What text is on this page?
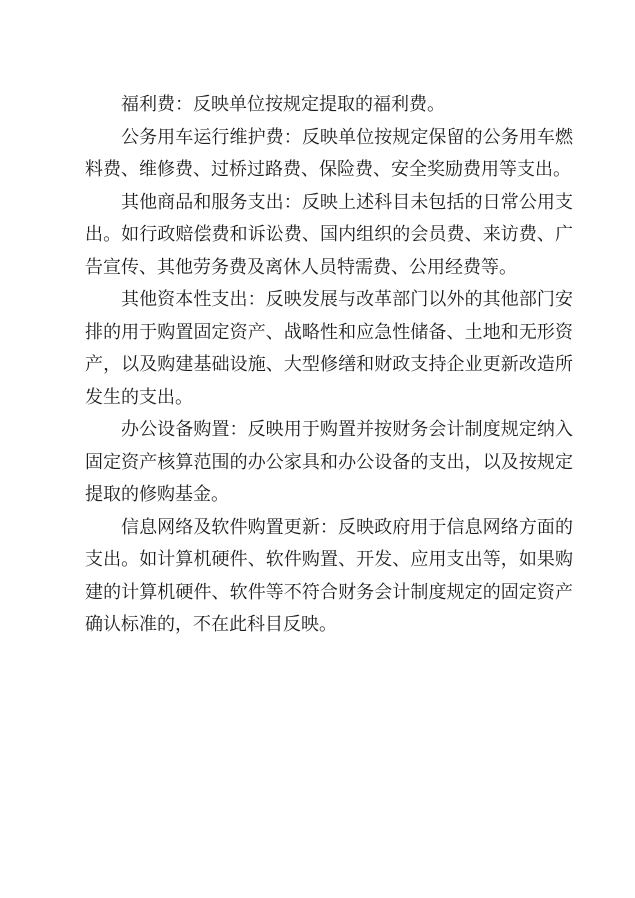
福利费：反映单位按规定提取的福利费。

公务用车运行维护费：反映单位按规定保留的公务用车燃料费、维修费、过桥过路费、保险费、安全奖励费用等支出。

其他商品和服务支出：反映上述科目未包括的日常公用支出。如行政赔偿费和诉讼费、国内组织的会员费、来访费、广告宣传、其他劳务费及离休人员特需费、公用经费等。

其他资本性支出：反映发展与改革部门以外的其他部门安排的用于购置固定资产、战略性和应急性储备、土地和无形资产，以及购建基础设施、大型修缮和财政支持企业更新改造所发生的支出。

办公设备购置：反映用于购置并按财务会计制度规定纳入固定资产核算范围的办公家具和办公设备的支出，以及按规定提取的修购基金。

信息网络及软件购置更新：反映政府用于信息网络方面的支出。如计算机硬件、软件购置、开发、应用支出等，如果购建的计算机硬件、软件等不符合财务会计制度规定的固定资产确认标准的，不在此科目反映。
